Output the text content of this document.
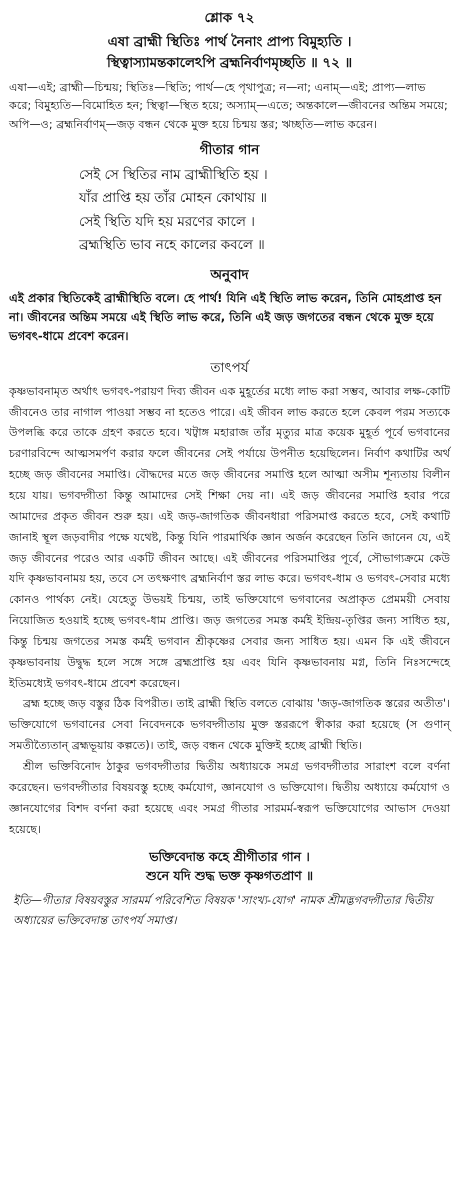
শ্লোক ৭২
এষা ব্রাহ্মী স্থিতিঃ পার্থ নৈনাং প্রাপ্য বিমুহ্যতি ।
স্থিত্বাস্যামন্তকালেঽপি ব্রহ্মনির্বাণমৃচ্ছতি ॥ ৭২ ॥
এষা—এই; ব্রাহ্মী—চিন্ময়; স্থিতিঃ—স্থিতি; পার্থ—হে পৃথাপুত্র; ন—না; এনাম্—এই; প্রাপ্য—লাভ করে; বিমুহ্যতি—বিমোহিত হন; স্থিত্বা—স্থিত হয়ে; অস্যাম্—এতে; অন্তকালে—জীবনের অন্তিম সময়ে; অপি—ও; ব্রহ্মনির্বাণম্—জড় বন্ধন থেকে মুক্ত হয়ে চিন্ময় স্তর; ঋচ্ছতি—লাভ করেন।
গীতার গান
সেই সে স্থিতির নাম ব্রাহ্মীস্থিতি হয় ।
যাঁর প্রাপ্তি হয় তাঁর মোহন কোথায় ॥
সেই স্থিতি যদি হয় মরণের কালে ।
ব্রহ্মস্থিতি ভাব নহে কালের কবলে ॥
অনুবাদ
এই প্রকার স্থিতিকেই ব্রাহ্মীস্থিতি বলে। হে পার্থ! যিনি এই স্থিতি লাভ করেন, তিনি মোহপ্রাপ্ত হন না। জীবনের অন্তিম সময়ে এই স্থিতি লাভ করে, তিনি এই জড় জগতের বন্ধন থেকে মুক্ত হয়ে ভগবৎ-ধামে প্রবেশ করেন।
তাৎপর্য

কৃষ্ণভাবনামৃত অর্থাৎ ভগবৎ-পরায়ণ দিব্য জীবন এক মুহূর্তের মধ্যে লাভ করা সম্ভব, আবার লক্ষ-কোটি জীবনেও তার নাগাল পাওয়া সম্ভব না হতেও পারে। এই জীবন লাভ করতে হলে কেবল পরম সত্যকে উপলব্ধি করে তাকে গ্রহণ করতে হবে। খট্বাঙ্গ মহারাজ তাঁর মৃত্যুর মাত্র কয়েক মুহূর্ত পূর্বে ভগবানের চরণারবিন্দে আত্মসমর্পণ করার ফলে জীবনের সেই পর্যায়ে উপনীত হয়েছিলেন। নির্বাণ কথাটির অর্থ হচ্ছে জড় জীবনের সমাপ্তি। বৌদ্ধদের মতে জড় জীবনের সমাপ্তি হলে আত্মা অসীম শূন্যতায় বিলীন হয়ে যায়। ভগবদ্গীতা কিন্তু আমাদের সেই শিক্ষা দেয় না। এই জড় জীবনের সমাপ্তি হবার পরে আমাদের প্রকৃত জীবন শুরু হয়। এই জড়-জাগতিক জীবনধারা পরিসমাপ্ত করতে হবে, সেই কথাটি জানাই স্থূল জড়বাদীর পক্ষে যথেষ্ট, কিন্তু যিনি পারমার্থিক জ্ঞান অর্জন করেছেন তিনি জানেন যে, এই জড় জীবনের পরেও আর একটি জীবন আছে। এই জীবনের পরিসমাপ্তির পূর্বে, সৌভাগ্যক্রমে কেউ যদি কৃষ্ণভাবনাময় হয়, তবে সে তৎক্ষণাৎ ব্রহ্মনির্বাণ স্তর লাভ করে। ভগবৎ-ধাম ও ভগবৎ-সেবার মধ্যে কোনও পার্থক্য নেই। যেহেতু উভয়ই চিন্ময়, তাই ভক্তিযোগে ভগবানের অপ্রাকৃত প্রেমময়ী সেবায় নিয়োজিত হওয়াই হচ্ছে ভগবৎ-ধাম প্রাপ্তি। জড় জগতের সমস্ত কর্মই ইন্দ্রিয়-তৃপ্তির জন্য সাধিত হয়, কিন্তু চিন্ময় জগতের সমস্ত কর্মই ভগবান শ্রীকৃষ্ণের সেবার জন্য সাধিত হয়। এমন কি এই জীবনে কৃষ্ণভাবনায় উদ্বুদ্ধ হলে সঙ্গে সঙ্গে ব্রহ্মপ্রাপ্তি হয় এবং যিনি কৃষ্ণভাবনায় মগ্ন, তিনি নিঃসন্দেহে ইতিমধ্যেই ভগবৎ-ধামে প্রবেশ করেছেন।

ব্রহ্ম হচ্ছে জড় বস্তুর ঠিক বিপরীত। তাই ব্রাহ্মী স্থিতি বলতে বোঝায় 'জড়-জাগতিক স্তরের অতীত'। ভক্তিযোগে ভগবানের সেবা নিবেদনকে ভগবদ্গীতায় মুক্ত স্তররূপে স্বীকার করা হয়েছে (স গুণান্ সমতীত্যৈতান্ ব্রহ্মভূয়ায় কল্পতে)। তাই, জড় বন্ধন থেকে মুক্তিই হচ্ছে ব্রাহ্মী স্থিতি।

শ্রীল ভক্তিবিনোদ ঠাকুর ভগবদ্গীতার দ্বিতীয় অধ্যায়কে সমগ্র ভগবদ্গীতার সারাংশ বলে বর্ণনা করেছেন। ভগবদ্গীতার বিষয়বস্তু হচ্ছে কর্মযোগ, জ্ঞানযোগ ও ভক্তিযোগ। দ্বিতীয় অধ্যায়ে কর্মযোগ ও জ্ঞানযোগের বিশদ বর্ণনা করা হয়েছে এবং সমগ্র গীতার সারমর্ম-স্বরূপ ভক্তিযোগের আভাস দেওয়া হয়েছে।

ভক্তিবেদান্ত কহে শ্রীগীতার গান ।
শুনে যদি শুদ্ধ ভক্ত কৃষ্ণগতপ্রাণ ॥
ইতি—গীতার বিষয়বস্তুর সারমর্ম পরিবেশিত বিষয়ক 'সাংখ্য-যোগ' নামক শ্রীমদ্ভগবদ্গীতার দ্বিতীয় অধ্যায়ের ভক্তিবেদান্ত তাৎপর্য সমাপ্ত।
